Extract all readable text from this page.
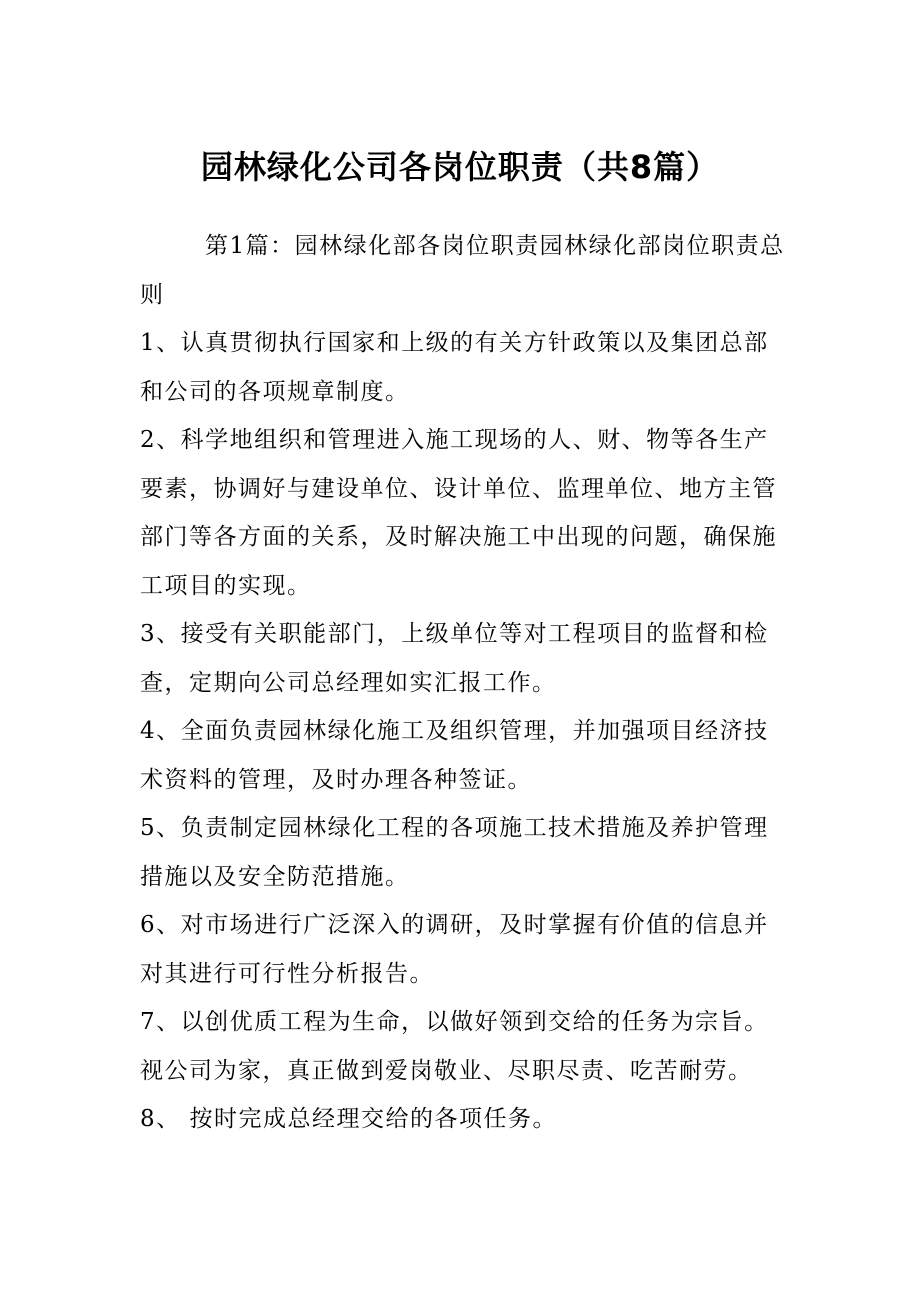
园林绿化公司各岗位职责（共8篇）

第1篇：园林绿化部各岗位职责园林绿化部岗位职责总

则

1、认真贯彻执行国家和上级的有关方针政策以及集团总部和公司的各项规章制度。

2、科学地组织和管理进入施工现场的人、财、物等各生产要素，协调好与建设单位、设计单位、监理单位、地方主管部门等各方面的关系，及时解决施工中出现的问题，确保施工项目的实现。

3、接受有关职能部门，上级单位等对工程项目的监督和检查，定期向公司总经理如实汇报工作。

4、全面负责园林绿化施工及组织管理，并加强项目经济技术资料的管理，及时办理各种签证。

5、负责制定园林绿化工程的各项施工技术措施及养护管理措施以及安全防范措施。

6、对市场进行广泛深入的调研，及时掌握有价值的信息并对其进行可行性分析报告。

7、以创优质工程为生命，以做好领到交给的任务为宗旨。

视公司为家，真正做到爱岗敬业、尽职尽责、吃苦耐劳。

8、 按时完成总经理交给的各项任务。
